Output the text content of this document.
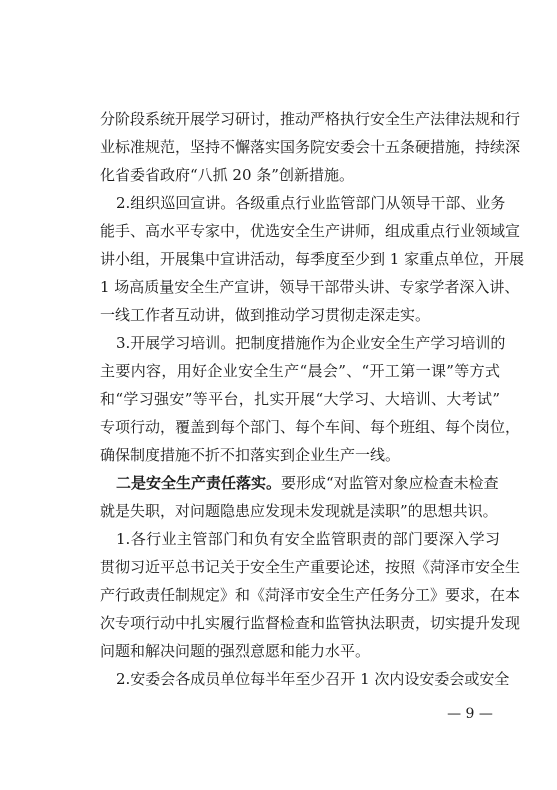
分阶段系统开展学习研讨，推动严格执行安全生产法律法规和行
业标准规范，坚持不懈落实国务院安委会十五条硬措施，持续深
化省委省政府“八抓 20 条”创新措施。
2.组织巡回宣讲。各级重点行业监管部门从领导干部、业务
能手、高水平专家中，优选安全生产讲师，组成重点行业领域宣
讲小组，开展集中宣讲活动，每季度至少到 1 家重点单位，开展
1 场高质量安全生产宣讲，领导干部带头讲、专家学者深入讲、
一线工作者互动讲，做到推动学习贯彻走深走实。
3.开展学习培训。把制度措施作为企业安全生产学习培训的
主要内容，用好企业安全生产“晨会”、“开工第一课”等方式
和“学习强安”等平台，扎实开展“大学习、大培训、大考试”
专项行动，覆盖到每个部门、每个车间、每个班组、每个岗位，
确保制度措施不折不扣落实到企业生产一线。
二是安全生产责任落实。要形成“对监管对象应检查未检查
就是失职，对问题隐患应发现未发现就是渎职”的思想共识。
1.各行业主管部门和负有安全监管职责的部门要深入学习
贯彻习近平总书记关于安全生产重要论述，按照《菏泽市安全生
产行政责任制规定》和《菏泽市安全生产任务分工》要求，在本
次专项行动中扎实履行监督检查和监管执法职责，切实提升发现
问题和解决问题的强烈意愿和能力水平。
2.安委会各成员单位每半年至少召开 1 次内设安委会或安全
— 9 —
